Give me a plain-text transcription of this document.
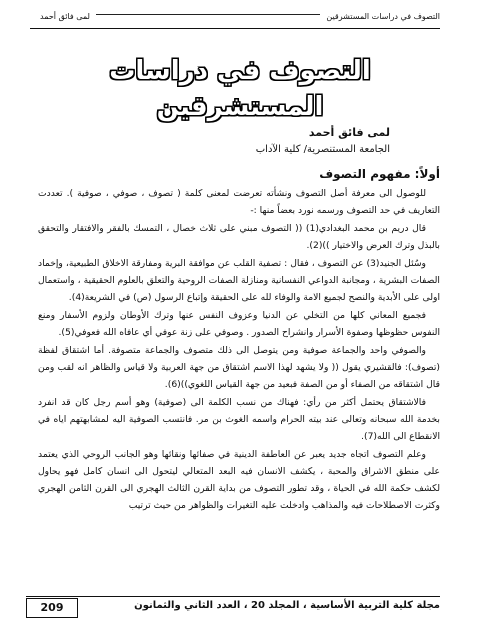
التصوف في دراسات المستشرقين
لمى فائق أحمد
التصوف في دراسات
المستشرقين
لمى فائق أحمد
الجامعة المستنصرية/ كلية الآداب
أولاً: مفهوم التصوف

للوصول الى معرفة أصل التصوف ونشأته تعرضت لمعنى كلمة ( تصوف ، صوفي ، صوفية ). تعددت التعاريف في حد التصوف ورسمه نورد بعضاً منها :-

قال دريم بن محمد البغدادي(1) (( التصوف مبني على ثلاث خصال ، التمسك بالفقر والافتقار والتحقق بالبذل وترك العرض والاختيار ))(2).

وسُئل الجنيد(3) عن التصوف ، فقال : تصفية القلب عن موافقة البرية ومفارقة الاخلاق الطبيعية، وإخماد الصفات البشرية ، ومجانبة الدواعي النفسانية ومنازلة الصفات الروحية والتعلق بالعلوم الحقيقية ، واستعمال اولى على الأبدية والنصح لجميع الامة والوفاء لله على الحقيقة وإتباع الرسول (ص) في الشريعة(4).

فجميع المعاني كلها من التخلي عن الدنيا وعزوف النفس عنها وترك الأوطان ولزوم الأسفار ومنع النفوس حظوظها وصفوة الأسرار وانشراح الصدور . وصوفي على زنة عوفي أي عافاه الله فعوفي(5).

والصوفي واحد والجماعة صوفية ومن يتوصل الى ذلك متصوف والجماعة متصوفة. أما اشتقاق لفظة (تصوف): فالقشيري يقول (( ولا يشهد لهذا الاسم اشتقاق من جهة العربية ولا قياس والظاهر انه لقب ومن قال اشتقاقه من الصفاء أو من الصفة فبعيد من جهة القياس اللغوي))(6).

فالاشتقاق يحتمل أكثر من رأي: فهناك من نسب الكلمة الى (صوفية) وهو أسم رجل كان قد انفرد بخدمة الله سبحانه وتعالى عند بيته الحرام واسمه الغوث بن مر. فانتسب الصوفية اليه لمشابهتهم اياه في الانقطاع الى الله(7).

وعلم التصوف اتجاه جديد يعبر عن العاطفة الدينية في صفائها ونقائها وهو الجانب الروحي الذي يعتمد على منطق الاشراق والمحبة ، يكشف الانسان فيه البعد المتعالي ليتحول الى انسان كامل فهو يحاول لكشف حكمة الله في الحياة ، وقد تطور التصوف من بداية القرن الثالث الهجري الى القرن الثامن الهجري وكثرت الاصطلاحات فيه والمذاهب وادخلت عليه التغيرات والظواهر من حيث ترتيب

مجلة كلية التربية الأساسية ، المجلد 20 ، العدد الثاني والثمانون
209
